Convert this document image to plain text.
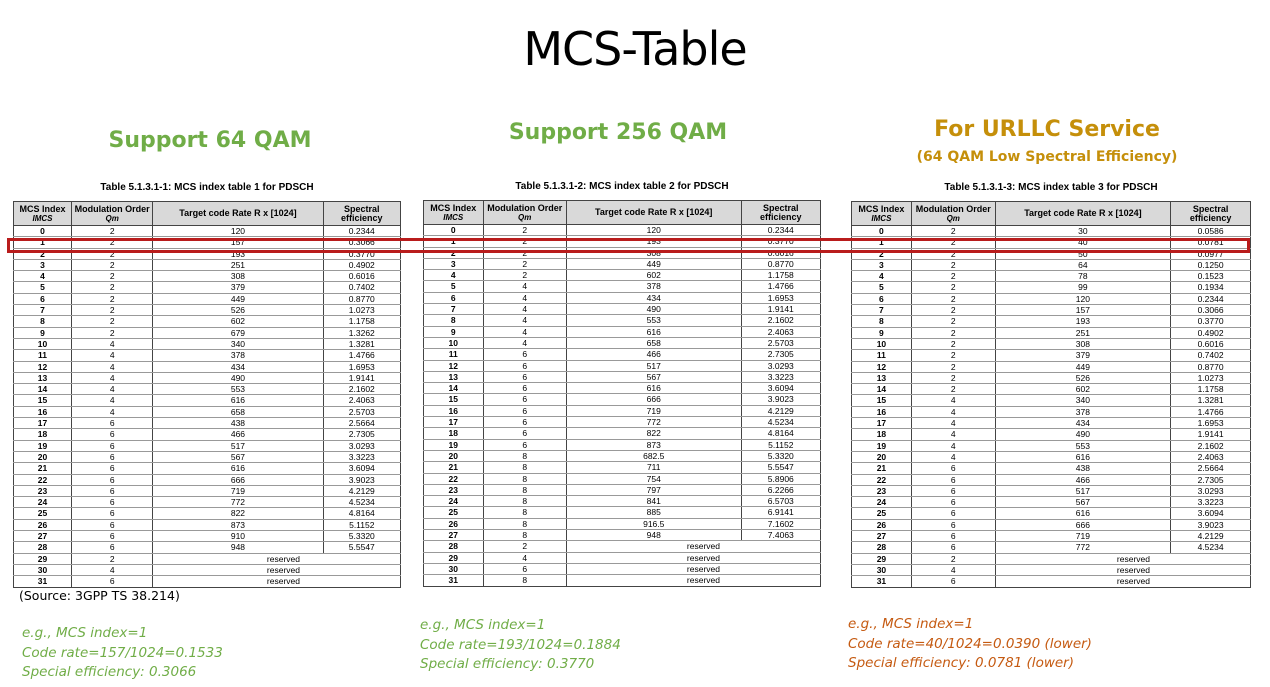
MCS-Table
Support 64 QAM	Support 256 QAM	For URLLC Service
(64 QAM Low Spectral Efficiency)
Table 5.1.3.1-1: MCS index table 1 for PDSCH
MCS Index
IMCS	Modulation Order
Qm	Target code Rate R x [1024]	Spectral efficiency
0	2	120	0.2344
1	2	157	0.3066
2	2	193	0.3770
3	2	251	0.4902
4	2	308	0.6016
5	2	379	0.7402
6	2	449	0.8770
7	2	526	1.0273
8	2	602	1.1758
9	2	679	1.3262
10	4	340	1.3281
11	4	378	1.4766
12	4	434	1.6953
13	4	490	1.9141
14	4	553	2.1602
15	4	616	2.4063
16	4	658	2.5703
17	6	438	2.5664
18	6	466	2.7305
19	6	517	3.0293
20	6	567	3.3223
21	6	616	3.6094
22	6	666	3.9023
23	6	719	4.2129
24	6	772	4.5234
25	6	822	4.8164
26	6	873	5.1152
27	6	910	5.3320
28	6	948	5.5547
29	2	reserved	
30	4	reserved	
31	6	reserved	
(Source: 3GPP TS 38.214)
Table 5.1.3.1-2: MCS index table 2 for PDSCH
MCS Index
IMCS	Modulation Order
Qm	Target code Rate R x [1024]	Spectral efficiency
0	2	120	0.2344
1	2	193	0.3770
2	2	308	0.6016
3	2	449	0.8770
4	2	602	1.1758
5	4	378	1.4766
6	4	434	1.6953
7	4	490	1.9141
8	4	553	2.1602
9	4	616	2.4063
10	4	658	2.5703
11	6	466	2.7305
12	6	517	3.0293
13	6	567	3.3223
14	6	616	3.6094
15	6	666	3.9023
16	6	719	4.2129
17	6	772	4.5234
18	6	822	4.8164
19	6	873	5.1152
20	8	682.5	5.3320
21	8	711	5.5547
22	8	754	5.8906
23	8	797	6.2266
24	8	841	6.5703
25	8	885	6.9141
26	8	916.5	7.1602
27	8	948	7.4063
28	2	reserved	
29	4	reserved	
30	6	reserved	
31	8	reserved	
Table 5.1.3.1-3: MCS index table 3 for PDSCH
MCS Index
IMCS	Modulation Order
Qm	Target code Rate R x [1024]	Spectral efficiency
0	2	30	0.0586
1	2	40	0.0781
2	2	50	0.0977
3	2	64	0.1250
4	2	78	0.1523
5	2	99	0.1934
6	2	120	0.2344
7	2	157	0.3066
8	2	193	0.3770
9	2	251	0.4902
10	2	308	0.6016
11	2	379	0.7402
12	2	449	0.8770
13	2	526	1.0273
14	2	602	1.1758
15	4	340	1.3281
16	4	378	1.4766
17	4	434	1.6953
18	4	490	1.9141
19	4	553	2.1602
20	4	616	2.4063
21	6	438	2.5664
22	6	466	2.7305
23	6	517	3.0293
24	6	567	3.3223
25	6	616	3.6094
26	6	666	3.9023
27	6	719	4.2129
28	6	772	4.5234
29	2	reserved	
30	4	reserved	
31	6	reserved	
e.g., MCS index=1
Code rate=157/1024=0.1533
Special efficiency: 0.3066
e.g., MCS index=1
Code rate=193/1024=0.1884
Special efficiency: 0.3770
e.g., MCS index=1
Code rate=40/1024=0.0390 (lower)
Special efficiency: 0.0781 (lower)
